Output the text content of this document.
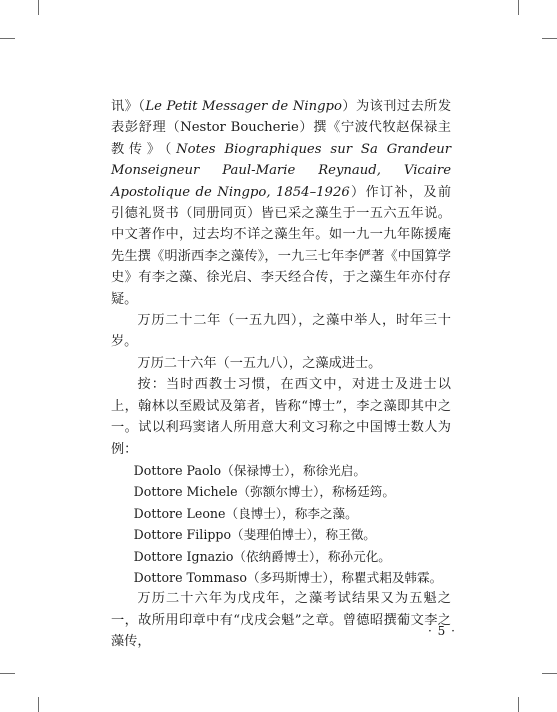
讯》（Le Petit Messager de Ningpo）为该刊过去所发表彭舒理（Nestor Boucherie）撰《宁波代牧赵保禄主教传》（Notes Biographiques sur Sa Grandeur Monseigneur Paul-Marie Reynaud, Vicaire Apostolique de Ningpo, 1854–1926）作订补，及前引德礼贤书（同册同页）皆已采之藻生于一五六五年说。中文著作中，过去均不详之藻生年。如一九一九年陈援庵先生撰《明浙西李之藻传》，一九三七年李俨著《中国算学史》有李之藻、徐光启、李天经合传，于之藻生年亦付存疑。

万历二十二年（一五九四），之藻中举人，时年三十岁。

万历二十六年（一五九八），之藻成进士。

按：当时西教士习惯，在西文中，对进士及进士以上，翰林以至殿试及第者，皆称“博士”，李之藻即其中之一。试以利玛窦诸人所用意大利文习称之中国博士数人为例：

Dottore Paolo（保禄博士），称徐光启。

Dottore Michele（弥额尔博士），称杨廷筠。

Dottore Leone（良博士），称李之藻。

Dottore Filippo（斐理伯博士），称王徵。

Dottore Ignazio（依纳爵博士），称孙元化。

Dottore Tommaso（多玛斯博士），称瞿式耜及韩霖。

万历二十六年为戊戌年，之藻考试结果又为五魁之一，故所用印章中有“戊戌会魁”之章。曾德昭撰葡文李之藻传，

· 5 ·
